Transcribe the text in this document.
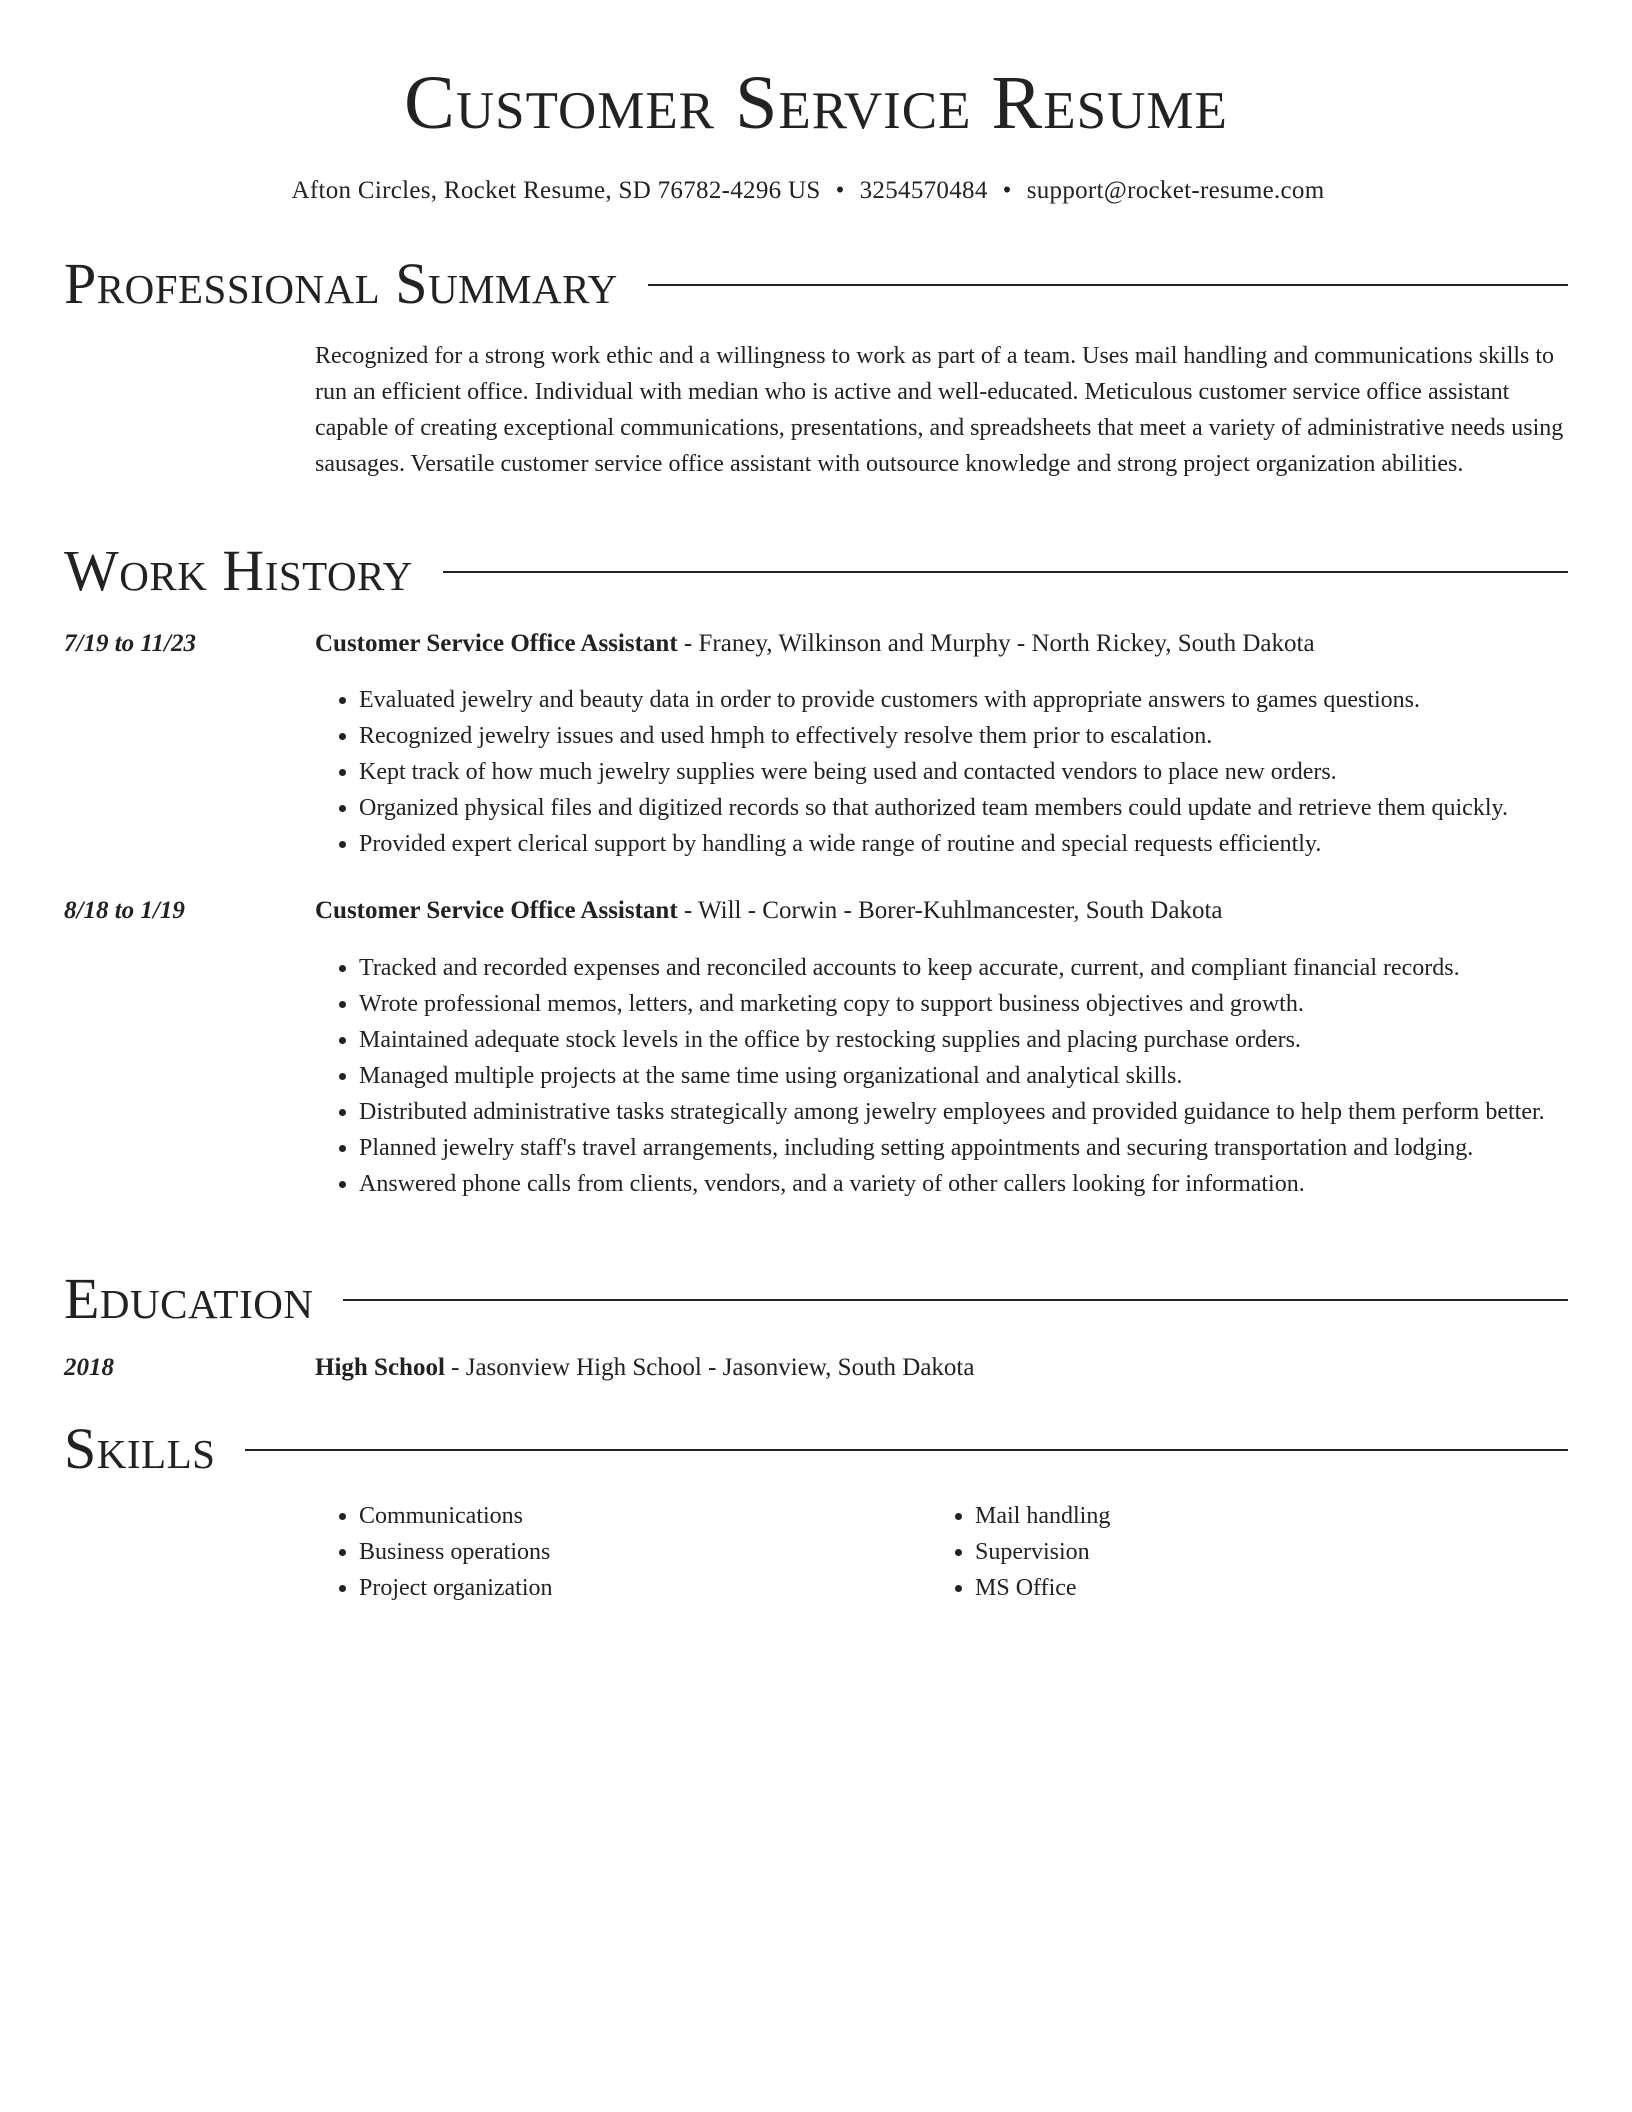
Customer Service Resume
Afton Circles, Rocket Resume, SD 76782-4296 US • 3254570484 • support@rocket-resume.com
Professional Summary

Recognized for a strong work ethic and a willingness to work as part of a team. Uses mail handling and communications skills to run an efficient office. Individual with median who is active and well-educated. Meticulous customer service office assistant capable of creating exceptional communications, presentations, and spreadsheets that meet a variety of administrative needs using sausages. Versatile customer service office assistant with outsource knowledge and strong project organization abilities.

Work History
7/19 to 11/23	Customer Service Office Assistant - Franey, Wilkinson and Murphy - North Rickey, South Dakota
• Evaluated jewelry and beauty data in order to provide customers with appropriate answers to games questions.
• Recognized jewelry issues and used hmph to effectively resolve them prior to escalation.
• Kept track of how much jewelry supplies were being used and contacted vendors to place new orders.
• Organized physical files and digitized records so that authorized team members could update and retrieve them quickly.
• Provided expert clerical support by handling a wide range of routine and special requests efficiently.
8/18 to 1/19	Customer Service Office Assistant - Will - Corwin - Borer-Kuhlmancester, South Dakota
• Tracked and recorded expenses and reconciled accounts to keep accurate, current, and compliant financial records.
• Wrote professional memos, letters, and marketing copy to support business objectives and growth.
• Maintained adequate stock levels in the office by restocking supplies and placing purchase orders.
• Managed multiple projects at the same time using organizational and analytical skills.
• Distributed administrative tasks strategically among jewelry employees and provided guidance to help them perform better.
• Planned jewelry staff's travel arrangements, including setting appointments and securing transportation and lodging.
• Answered phone calls from clients, vendors, and a variety of other callers looking for information.
Education
2018	High School - Jasonview High School - Jasonview, South Dakota
Skills
• Communications
• Business operations
• Project organization
• Mail handling
• Supervision
• MS Office
